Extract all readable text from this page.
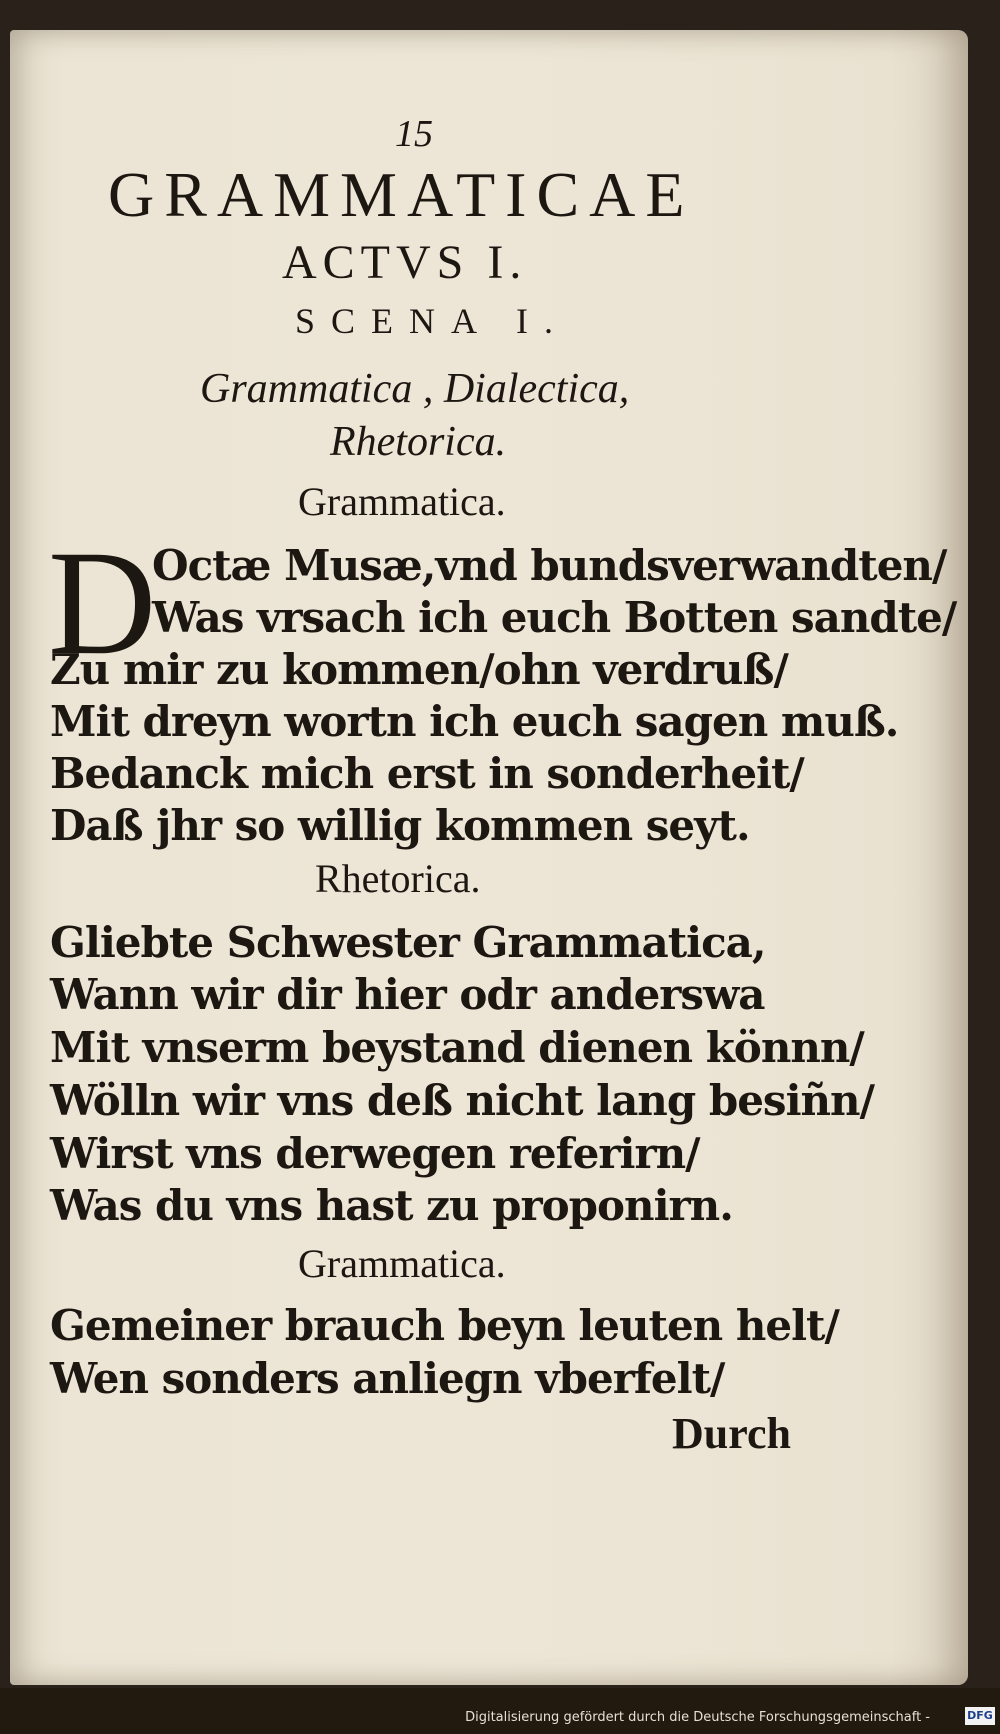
15
GRAMMATICAE
ACTVS I.
SCENA I.
Grammatica , Dialectica,
Rhetorica.
Grammatica.
D
Octæ Musæ,vnd bundsverwandten/
Was vrsach ich euch Botten sandte/
Zu mir zu kommen/ohn verdruß/
Mit dreyn wortn ich euch sagen muß.
Bedanck mich erst in sonderheit/
Daß jhr so willig kommen seyt.
Rhetorica.
Gliebte Schwester Grammatica,
Wann wir dir hier odr anderswa
Mit vnserm beystand dienen könnn/
Wölln wir vns deß nicht lang besiñn/
Wirst vns derwegen referirn/
Was du vns hast zu proponirn.
Grammatica.
Gemeiner brauch beyn leuten helt/
Wen sonders anliegn vberfelt/
Durch
Digitalisierung gefördert durch die Deutsche Forschungsgemeinschaft -	DFG
